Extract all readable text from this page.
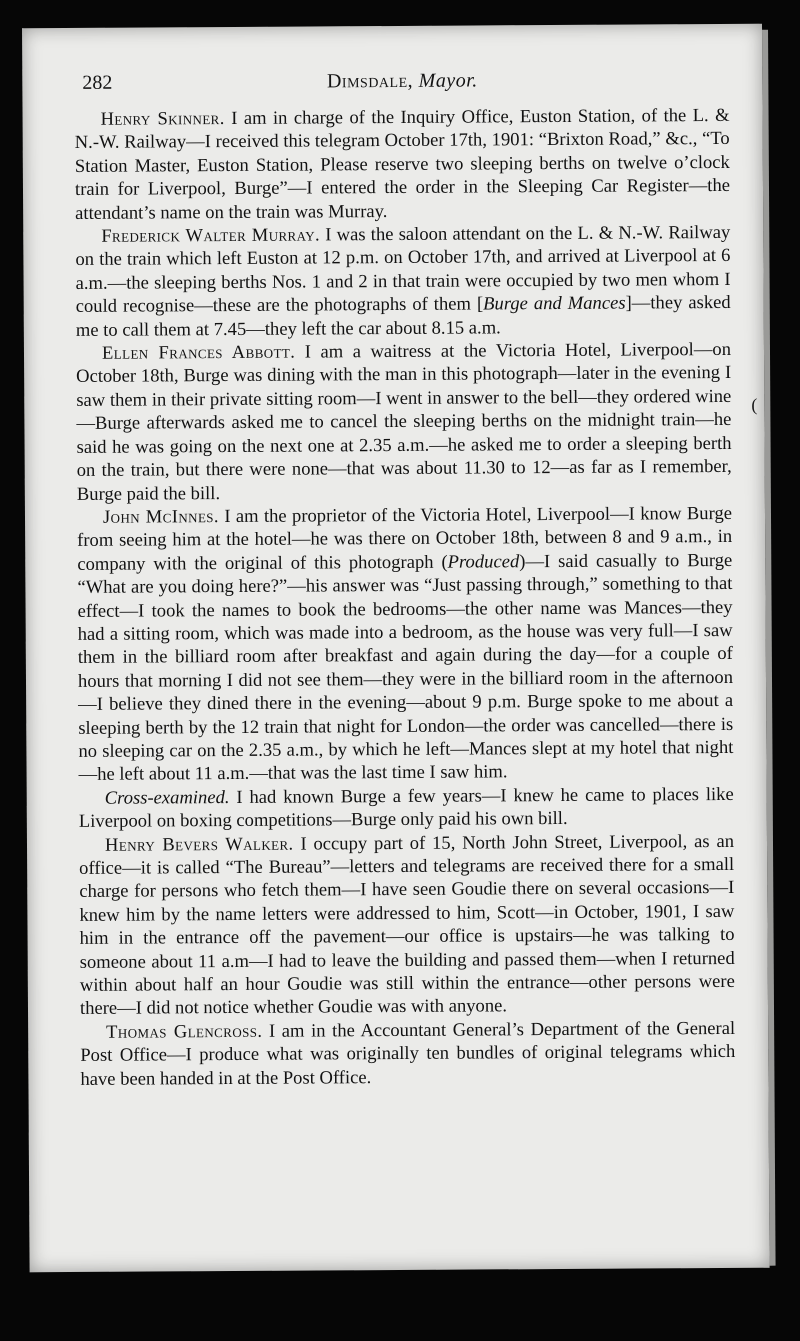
282	Dimsdale, Mayor.

Henry Skinner. I am in charge of the Inquiry Office, Euston Station, of the L. & N.-W. Railway—I received this telegram October 17th, 1901: “Brixton Road,” &c., “To Station Master, Euston Station, Please reserve two sleeping berths on twelve o’clock train for Liverpool, Burge”—I entered the order in the Sleeping Car Register—the attendant’s name on the train was Murray.

Frederick Walter Murray. I was the saloon attendant on the L. & N.-W. Railway on the train which left Euston at 12 p.m. on October 17th, and arrived at Liverpool at 6 a.m.—the sleeping berths Nos. 1 and 2 in that train were occupied by two men whom I could recognise—these are the photographs of them [Burge and Mances]—they asked me to call them at 7.45—they left the car about 8.15 a.m.

Ellen Frances Abbott. I am a waitress at the Victoria Hotel, Liverpool—on October 18th, Burge was dining with the man in this photograph—later in the evening I saw them in their private sitting room—I went in answer to the bell—they ordered wine—Burge afterwards asked me to cancel the sleeping berths on the midnight train—he said he was going on the next one at 2.35 a.m.—he asked me to order a sleeping berth on the train, but there were none—that was about 11.30 to 12—as far as I remember, Burge paid the bill.

John McInnes. I am the proprietor of the Victoria Hotel, Liverpool—I know Burge from seeing him at the hotel—he was there on October 18th, between 8 and 9 a.m., in company with the original of this photograph (Produced)—I said casually to Burge “What are you doing here?”—his answer was “Just passing through,” something to that effect—I took the names to book the bedrooms—the other name was Mances—they had a sitting room, which was made into a bedroom, as the house was very full—I saw them in the billiard room after breakfast and again during the day—for a couple of hours that morning I did not see them—they were in the billiard room in the afternoon—I believe they dined there in the evening—about 9 p.m. Burge spoke to me about a sleeping berth by the 12 train that night for London—the order was cancelled—there is no sleeping car on the 2.35 a.m., by which he left—Mances slept at my hotel that night—he left about 11 a.m.—that was the last time I saw him.

Cross-examined. I had known Burge a few years—I knew he came to places like Liverpool on boxing competitions—Burge only paid his own bill.

Henry Bevers Walker. I occupy part of 15, North John Street, Liverpool, as an office—it is called “The Bureau”—letters and telegrams are received there for a small charge for persons who fetch them—I have seen Goudie there on several occasions—I knew him by the name letters were addressed to him, Scott—in October, 1901, I saw him in the entrance off the pavement—our office is upstairs—he was talking to someone about 11 a.m—I had to leave the building and passed them—when I returned within about half an hour Goudie was still within the entrance—other persons were there—I did not notice whether Goudie was with anyone.

Thomas Glencross. I am in the Accountant General’s Department of the General Post Office—I produce what was originally ten bundles of original telegrams which have been handed in at the Post Office.

(
